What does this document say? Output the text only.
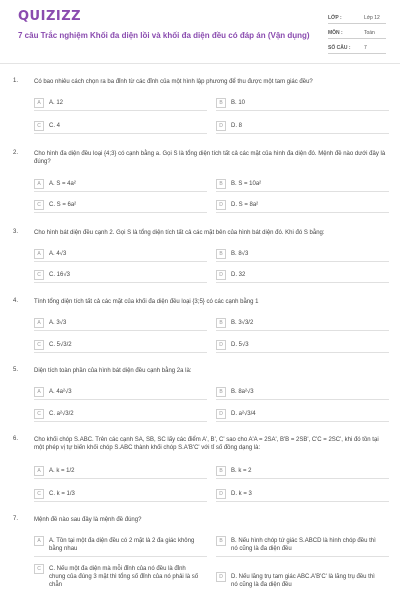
QUIZIZZ
7 câu Trắc nghiệm Khối đa diện lồi và khối đa diện đều có đáp án (Vận dụng)
LỚP :	Lớp 12
MÔN :	Toán
SỐ CÂU :	7
1.	Có bao nhiêu cách chọn ra ba đỉnh từ các đỉnh của một hình lập phương để thu được một tam giác đều?
A	A. 12	B	B. 10
C	C. 4	D	D. 8
2.	Cho hình đa diện đều loại {4;3} có cạnh bằng a. Gọi S là tổng diện tích tất cả các mặt của hình đa diện đó. Mệnh đề nào dưới đây là đúng?
A	A. S = 4a²	B	B. S = 10a²
C	C. S = 6a²	D	D. S = 8a²
3.	Cho hình bát diện đều cạnh 2. Gọi S là tổng diện tích tất cả các mặt bên của hình bát diện đó. Khi đó S bằng:
A	A. 4√3	B	B. 8√3
C	C. 16√3	D	D. 32
4.	Tính tổng diện tích tất cả các mặt của khối đa diện đều loại {3;5} có các cạnh bằng 1
A	A. 3√3	B	B. 3√3/2
C	C. 5√3/2	D	D. 5√3
5.	Diện tích toàn phần của hình bát diện đều cạnh bằng 2a là:
A	A. 4a²√3	B	B. 8a²√3
C	C. a²√3/2	D	D. a²√3/4
6.	Cho khối chóp S.ABC. Trên các cạnh SA, SB, SC lấy các điểm A', B', C' sao cho A'A = 2SA', B'B = 2SB', C'C = 2SC', khi đó tồn tại một phép vị tự biến khối chóp S.ABC thành khối chóp S.A'B'C' với tỉ số đồng dạng là:
A	A. k = 1/2	B	B. k = 2
C	C. k = 1/3	D	D. k = 3
7.	Mệnh đề nào sau đây là mệnh đề đúng?
A	A. Tồn tại một đa diện đều có 2 mặt là 2 đa giác không bằng nhau
B	B. Nếu hình chóp tứ giác S.ABCD là hình chóp đều thì nó cũng là đa diện đều
C	C. Nếu một đa diện mà mỗi đỉnh của nó đều là đỉnh chung của đúng 3 mặt thì tổng số đỉnh của nó phải là số chẵn
D	D. Nếu lăng trụ tam giác ABC.A'B'C' là lăng trụ đều thì nó cũng là đa diện đều
